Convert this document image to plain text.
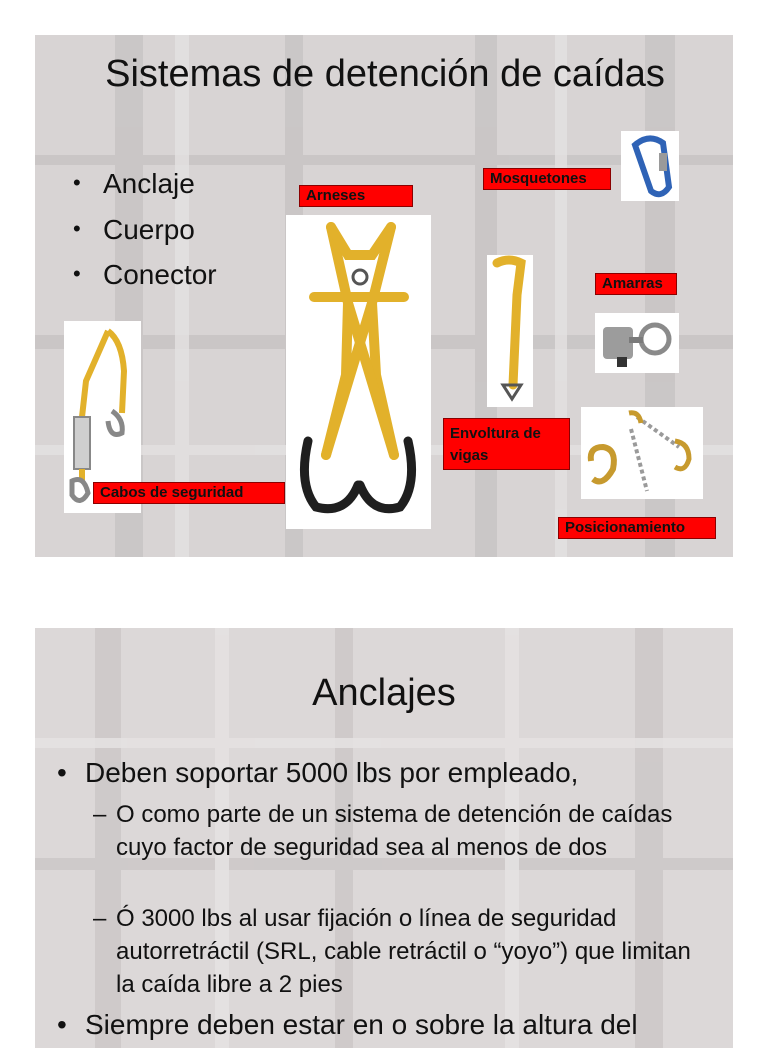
Sistemas de detención de caídas
• Anclaje
• Cuerpo
• Conector
Arneses
Mosquetones
Envoltura de vigas
Amarras
Cabos de seguridad
Posicionamiento
Anclajes
• Deben soportar 5000 lbs por empleado,
– O como parte de un sistema de detención de caídas cuyo factor de seguridad sea al menos de dos
– Ó 3000 lbs al usar fijación o línea de seguridad autorretráctil (SRL, cable retráctil o “yoyo”) que limitan la caída libre a 2 pies
• Siempre deben estar en o sobre la altura del
